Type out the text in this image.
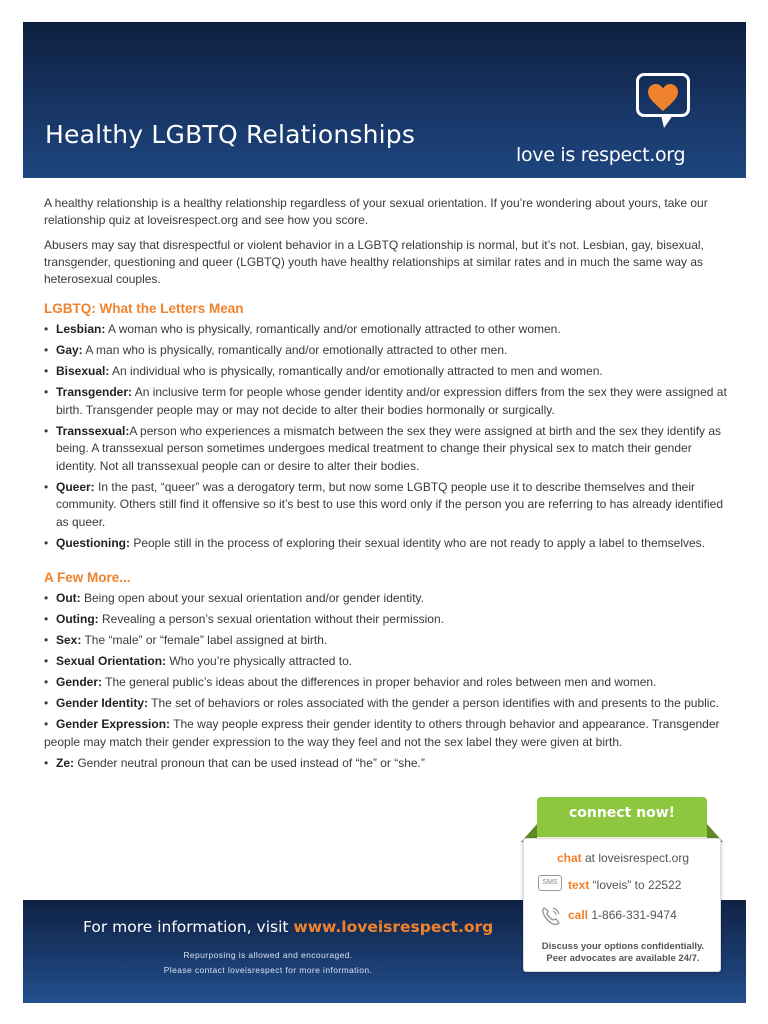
Healthy LGBTQ Relationships
love is respect.org

A healthy relationship is a healthy relationship regardless of your sexual orientation. If you’re wondering about yours, take our relationship quiz at loveisrespect.org and see how you score.

Abusers may say that disrespectful or violent behavior in a LGBTQ relationship is normal, but it’s not. Lesbian, gay, bisexual, transgender, questioning and queer (LGBTQ) youth have healthy relationships at similar rates and in much the same way as heterosexual couples.

LGBTQ: What the Letters Mean
• Lesbian: A woman who is physically, romantically and/or emotionally attracted to other women.
• Gay: A man who is physically, romantically and/or emotionally attracted to other men.
• Bisexual: An individual who is physically, romantically and/or emotionally attracted to men and women.
• Transgender: An inclusive term for people whose gender identity and/or expression differs from the sex they were assigned at birth. Transgender people may or may not decide to alter their bodies hormonally or surgically.
• Transsexual:A person who experiences a mismatch between the sex they were assigned at birth and the sex they identify as being. A transsexual person sometimes undergoes medical treatment to change their physical sex to match their gender identity. Not all transsexual people can or desire to alter their bodies.
• Queer: In the past, “queer” was a derogatory term, but now some LGBTQ people use it to describe themselves and their community. Others still find it offensive so it’s best to use this word only if the person you are referring to has already identified as queer.
• Questioning: People still in the process of exploring their sexual identity who are not ready to apply a label to themselves.
A Few More...
• Out: Being open about your sexual orientation and/or gender identity.
• Outing: Revealing a person’s sexual orientation without their permission.
• Sex: The “male” or “female” label assigned at birth.
• Sexual Orientation: Who you’re physically attracted to.
• Gender: The general public’s ideas about the differences in proper behavior and roles between men and women.
• Gender Identity: The set of behaviors or roles associated with the gender a person identifies with and presents to the public.
• Gender Expression: The way people express their gender identity to others through behavior and appearance. Transgender people may match their gender expression to the way they feel and not the sex label they were given at birth.
• Ze: Gender neutral pronoun that can be used instead of “he” or “she.”
For more information, visit www.loveisrespect.org
Repurposing is allowed and encouraged.
Please contact loveisrespect for more information.
connect now!
chat at loveisrespect.org
SMS text “loveis” to 22522
call 1-866-331-9474
Discuss your options confidentially.
Peer advocates are available 24/7.
